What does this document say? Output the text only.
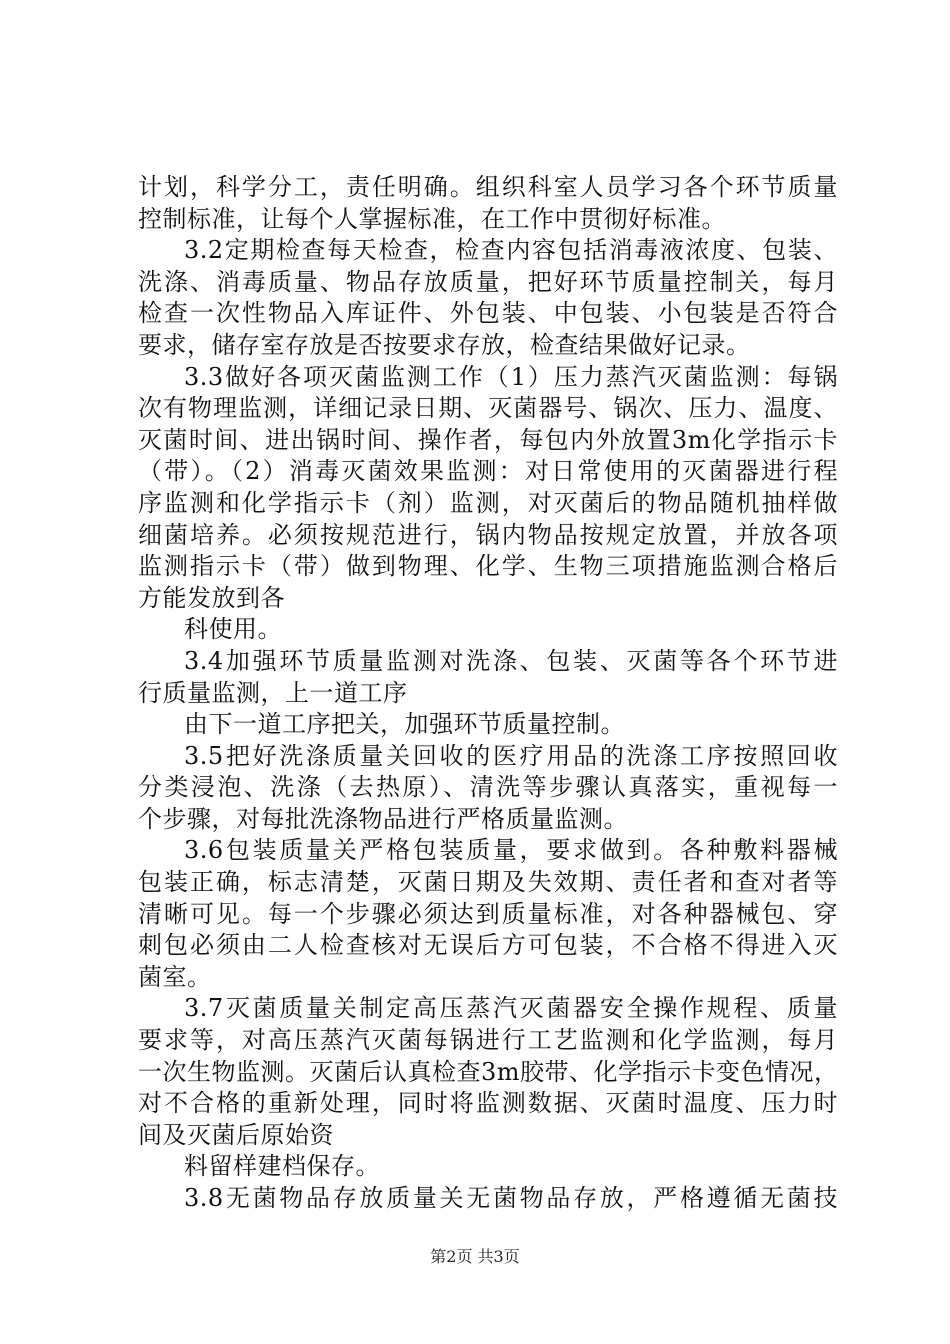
计划，科学分工，责任明确。组织科室人员学习各个环节质量
控制标准，让每个人掌握标准，在工作中贯彻好标准。
3.2定期检查每天检查，检查内容包括消毒液浓度、包装、
洗涤、消毒质量、物品存放质量，把好环节质量控制关，每月
检查一次性物品入库证件、外包装、中包装、小包装是否符合
要求，储存室存放是否按要求存放，检查结果做好记录。
3.3做好各项灭菌监测工作（1）压力蒸汽灭菌监测：每锅
次有物理监测，详细记录日期、灭菌器号、锅次、压力、温度、
灭菌时间、进出锅时间、操作者，每包内外放置3m化学指示卡
（带）。（2）消毒灭菌效果监测：对日常使用的灭菌器进行程
序监测和化学指示卡（剂）监测，对灭菌后的物品随机抽样做
细菌培养。必须按规范进行，锅内物品按规定放置，并放各项
监测指示卡（带）做到物理、化学、生物三项措施监测合格后
方能发放到各
科使用。
3.4加强环节质量监测对洗涤、包装、灭菌等各个环节进
行质量监测，上一道工序
由下一道工序把关，加强环节质量控制。
3.5把好洗涤质量关回收的医疗用品的洗涤工序按照回收
分类浸泡、洗涤（去热原）、清洗等步骤认真落实，重视每一
个步骤，对每批洗涤物品进行严格质量监测。
3.6包装质量关严格包装质量，要求做到。各种敷料器械
包装正确，标志清楚，灭菌日期及失效期、责任者和查对者等
清晰可见。每一个步骤必须达到质量标准，对各种器械包、穿
刺包必须由二人检查核对无误后方可包装，不合格不得进入灭
菌室。
3.7灭菌质量关制定高压蒸汽灭菌器安全操作规程、质量
要求等，对高压蒸汽灭菌每锅进行工艺监测和化学监测，每月
一次生物监测。灭菌后认真检查3m胶带、化学指示卡变色情况，
对不合格的重新处理，同时将监测数据、灭菌时温度、压力时
间及灭菌后原始资
料留样建档保存。
3.8无菌物品存放质量关无菌物品存放，严格遵循无菌技
第2页 共3页
